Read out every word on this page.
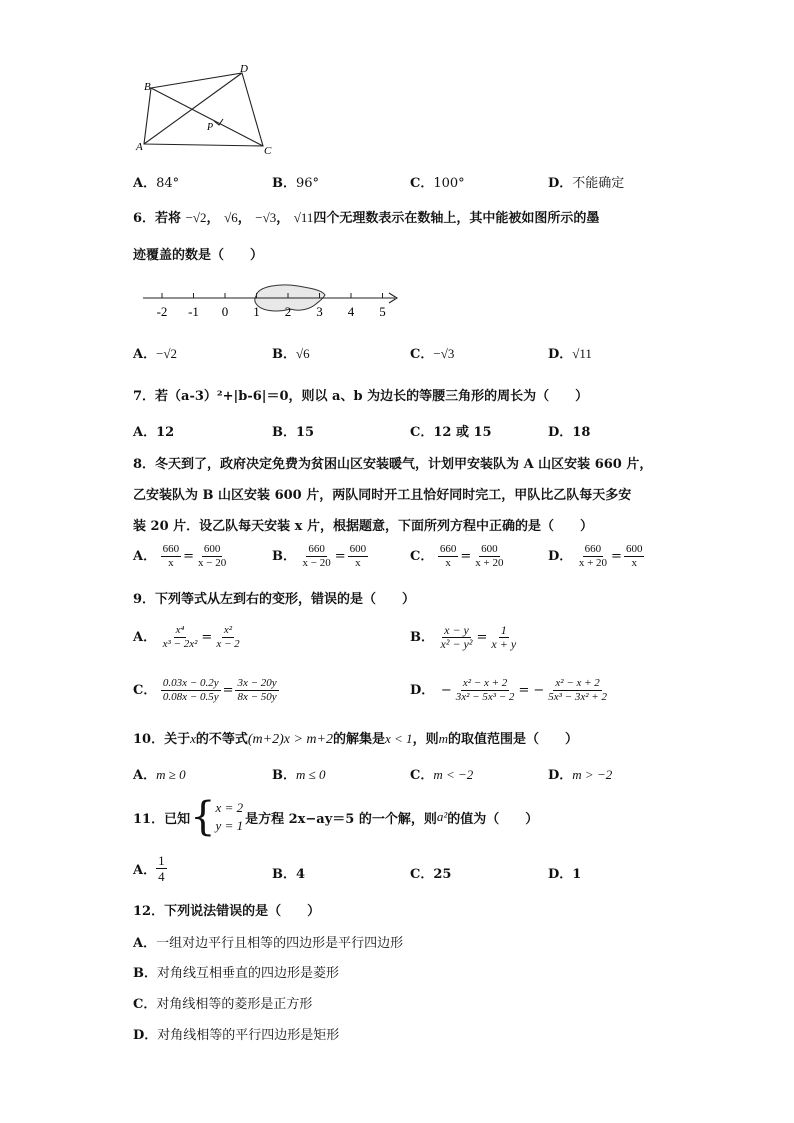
B
D
P
A	C
A．84°	B．96°	C．100°	D．不能确定
6．若将 −√2， √6， −√3， √11四个无理数表示在数轴上，其中能被如图所示的墨
迹覆盖的数是（　　）
-2 -1 0 1 2 3 4 5
A．−√2	B．√6	C．−√3	D．√11
7．若（a-3）²+|b-6|＝0，则以 a、b 为边长的等腰三角形的周长为（　　）
A．12	B．15	C．12 或 15	D．18
8．冬天到了，政府决定免费为贫困山区安装暖气，计划甲安装队为 A 山区安装 660 片，
乙安装队为 B 山区安装 600 片，两队同时开工且恰好同时完工，甲队比乙队每天多安
装 20 片．设乙队每天安装 x 片，根据题意，下面所列方程中正确的是（　　）
A． $\frac{660}{x} = \frac{600}{x - 20}$	B． $\frac{660}{x - 20} = \frac{600}{x}$	C． $\frac{660}{x} = \frac{600}{x + 20}$	D． $\frac{660}{x + 20} = \frac{600}{x}$
9．下列等式从左到右的变形，错误的是（　　）
A． $\frac{\text{x⁴}}{\text{x³ − 2x²}} = \frac{\text{x²}}{x - 2}$	B． $\frac{x - y}{\text{x² − y²}} = \frac{1}{x + y}$
C． $\frac{0.03x - 0.2y}{0.08x - 0.5y} = \frac{3x - 20y}{8x - 50y}$	D． − $\frac{\text{x² − x + 2}}{\text{3x² − 5x³ − 2}}$ = − $\frac{\text{x² − x + 2}}{\text{5x³ − 3x² + 2}}$
10．关于x的不等式(m+2)x > m+2的解集是x < 1，则m的取值范围是（　　）
A．m ≥ 0	B．m ≤ 0	C．m < −2	D．m > −2
11．已知 { x = 2
y = 1 是方程 2x−ay＝5 的一个解，则 a² 的值为（　　）
A． $\frac{1}{4}$	B．4	C．25	D．1
12．下列说法错误的是（　　）
A．一组对边平行且相等的四边形是平行四边形
B．对角线互相垂直的四边形是菱形
C．对角线相等的菱形是正方形
D．对角线相等的平行四边形是矩形
